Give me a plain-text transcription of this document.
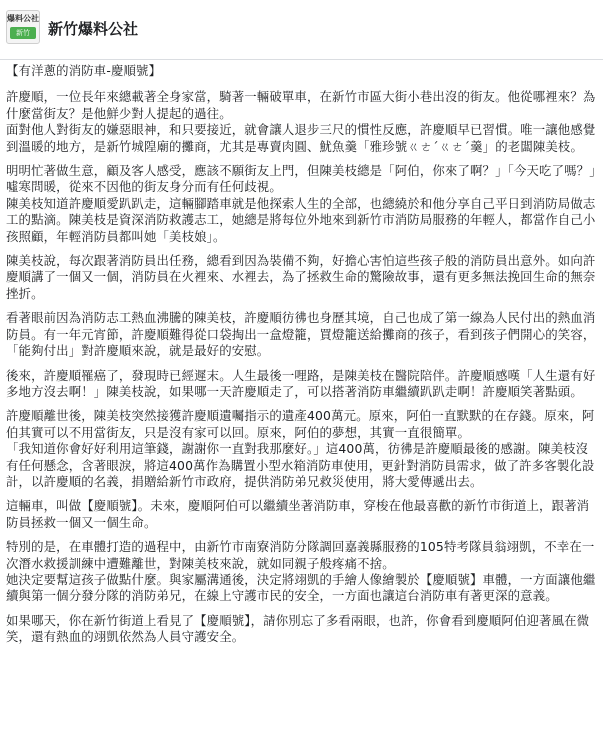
爆料公社
新竹	新竹爆料公社

【有洋蔥的消防車-慶順號】

許慶順，一位長年來總載著全身家當，騎著一輛破單車，在新竹市區大街小巷出沒的街友。他從哪裡來？為什麼當街友？是他鮮少對人提起的過往。
面對他人對街友的嫌惡眼神，和只要接近，就會讓人退步三尺的慣性反應，許慶順早已習慣。唯一讓他感覺到溫暖的地方，是新竹城隍廟的攤商，尤其是專賣肉圓、魷魚羹「雅珍號ㄍㄜˊㄍㄜˊ羹」的老闆陳美枝。

明明忙著做生意，顧及客人感受，應該不願街友上門，但陳美枝總是「阿伯，你來了啊？」「今天吃了嗎？」噓寒問暖，從來不因他的街友身分而有任何歧視。
陳美枝知道許慶順愛趴趴走，這輛腳踏車就是他探索人生的全部，也總繞於和他分享自己平日到消防局做志工的點滴。陳美枝是資深消防救護志工，她總是將每位外地來到新竹市消防局服務的年輕人，都當作自己小孩照顧，年輕消防員都叫她「美枝娘」。

陳美枝說，每次跟著消防員出任務，總看到因為裝備不夠，好擔心害怕這些孩子般的消防員出意外。如向許慶順講了一個又一個，消防員在火裡來、水裡去，為了拯救生命的驚險故事，還有更多無法挽回生命的無奈挫折。

看著眼前因為消防志工熱血沸騰的陳美枝，許慶順彷彿也身歷其境，自己也成了第一線為人民付出的熱血消防員。有一年元宵節，許慶順難得從口袋掏出一盒燈籠，買燈籠送給攤商的孩子，看到孩子們開心的笑容，「能夠付出」對許慶順來說，就是最好的安慰。

後來，許慶順罹癌了，發現時已經遲末。人生最後一哩路，是陳美枝在醫院陪伴。許慶順感嘆「人生還有好多地方沒去啊！」陳美枝說，如果哪一天許慶順走了，可以搭著消防車繼續趴趴走啊！許慶順笑著點頭。

許慶順離世後，陳美枝突然接獲許慶順遺囑指示的遺產400萬元。原來，阿伯一直默默的在存錢。原來，阿伯其實可以不用當街友，只是沒有家可以回。原來，阿伯的夢想，其實一直很簡單。
「我知道你會好好利用這筆錢，謝謝你一直對我那麼好。」這400萬，彷彿是許慶順最後的感謝。陳美枝沒有任何懸念，含著眼淚，將這400萬作為購置小型水箱消防車使用，更針對消防員需求，做了許多客製化設計，以許慶順的名義，捐贈給新竹市政府，提供消防弟兄救災使用，將大愛傳遞出去。

這輛車，叫做【慶順號】。未來，慶順阿伯可以繼續坐著消防車，穿梭在他最喜歡的新竹市街道上，跟著消防員拯救一個又一個生命。

特別的是，在車體打造的過程中，由新竹市南寮消防分隊調回嘉義縣服務的105特考隊員翁翊凱，不幸在一次潛水救援訓練中遭難離世，對陳美枝來說，就如同親子般疼痛不捨。
她決定要幫這孩子做點什麼。與家屬溝通後，決定將翊凱的手繪人像繪製於【慶順號】車體，一方面讓他繼續與第一個分發分隊的消防弟兄，在線上守護市民的安全，一方面也讓這台消防車有著更深的意義。

如果哪天，你在新竹街道上看見了【慶順號】，請你別忘了多看兩眼，也許，你會看到慶順阿伯迎著風在微笑，還有熱血的翊凱依然為人員守護安全。
